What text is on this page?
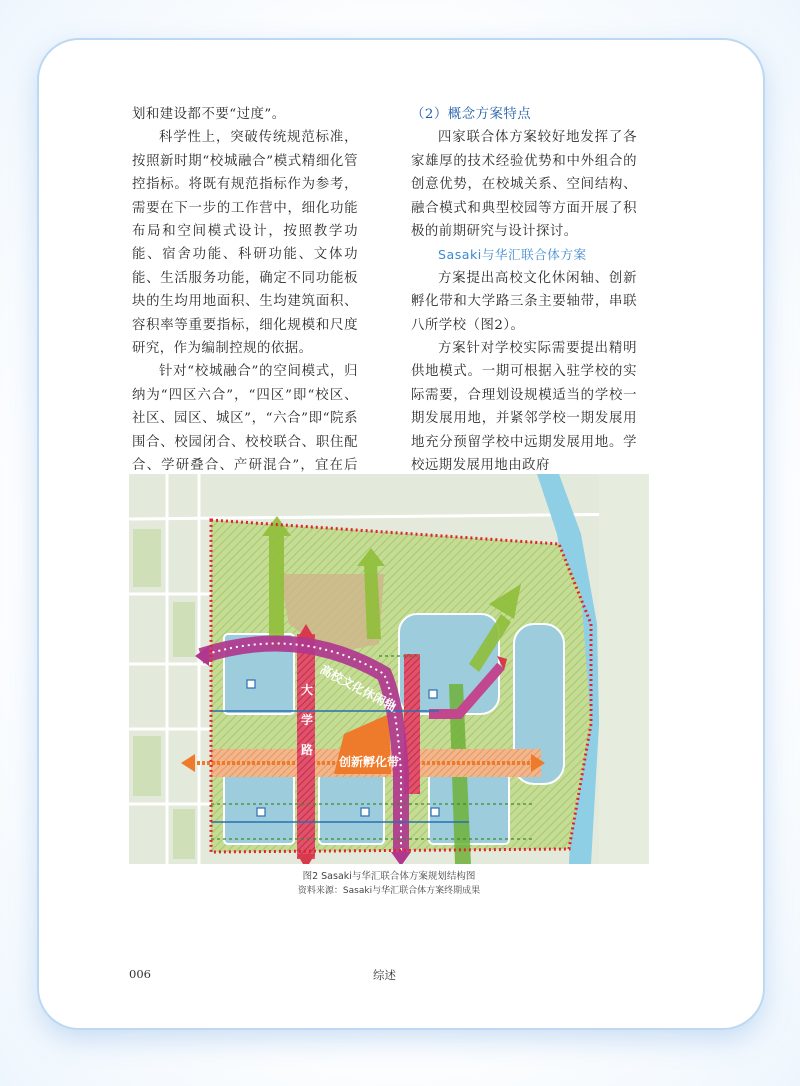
划和建设都不要“过度”。

科学性上，突破传统规范标准，按照新时期“校城融合”模式精细化管控指标。将既有规范指标作为参考，需要在下一步的工作营中，细化功能布局和空间模式设计，按照教学功能、宿舍功能、科研功能、文体功能、生活服务功能，确定不同功能板块的生均用地面积、生均建筑面积、容积率等重要指标，细化规模和尺度研究，作为编制控规的依据。

针对“校城融合”的空间模式，归纳为“四区六合”，“四区”即“校区、社区、园区、城区”，“六合”即“院系围合、校园闭合、校校联合、职住配合、学研叠合、产研混合”，宜在后

（2）概念方案特点

四家联合体方案较好地发挥了各家雄厚的技术经验优势和中外组合的创意优势，在校城关系、空间结构、融合模式和典型校园等方面开展了积极的前期研究与设计探讨。

Sasaki与华汇联合体方案

方案提出高校文化休闲轴、创新孵化带和大学路三条主要轴带，串联八所学校（图2）。

方案针对学校实际需要提出精明供地模式。一期可根据入驻学校的实际需要，合理划设规模适当的学校一期发展用地，并紧邻学校一期发展用地充分预留学校中远期发展用地。学校远期发展用地由政府

创新孵化带
大
学
路
高校文化休闲轴
图2 Sasaki与华汇联合体方案规划结构图
资料来源：Sasaki与华汇联合体方案终期成果
006	综述
